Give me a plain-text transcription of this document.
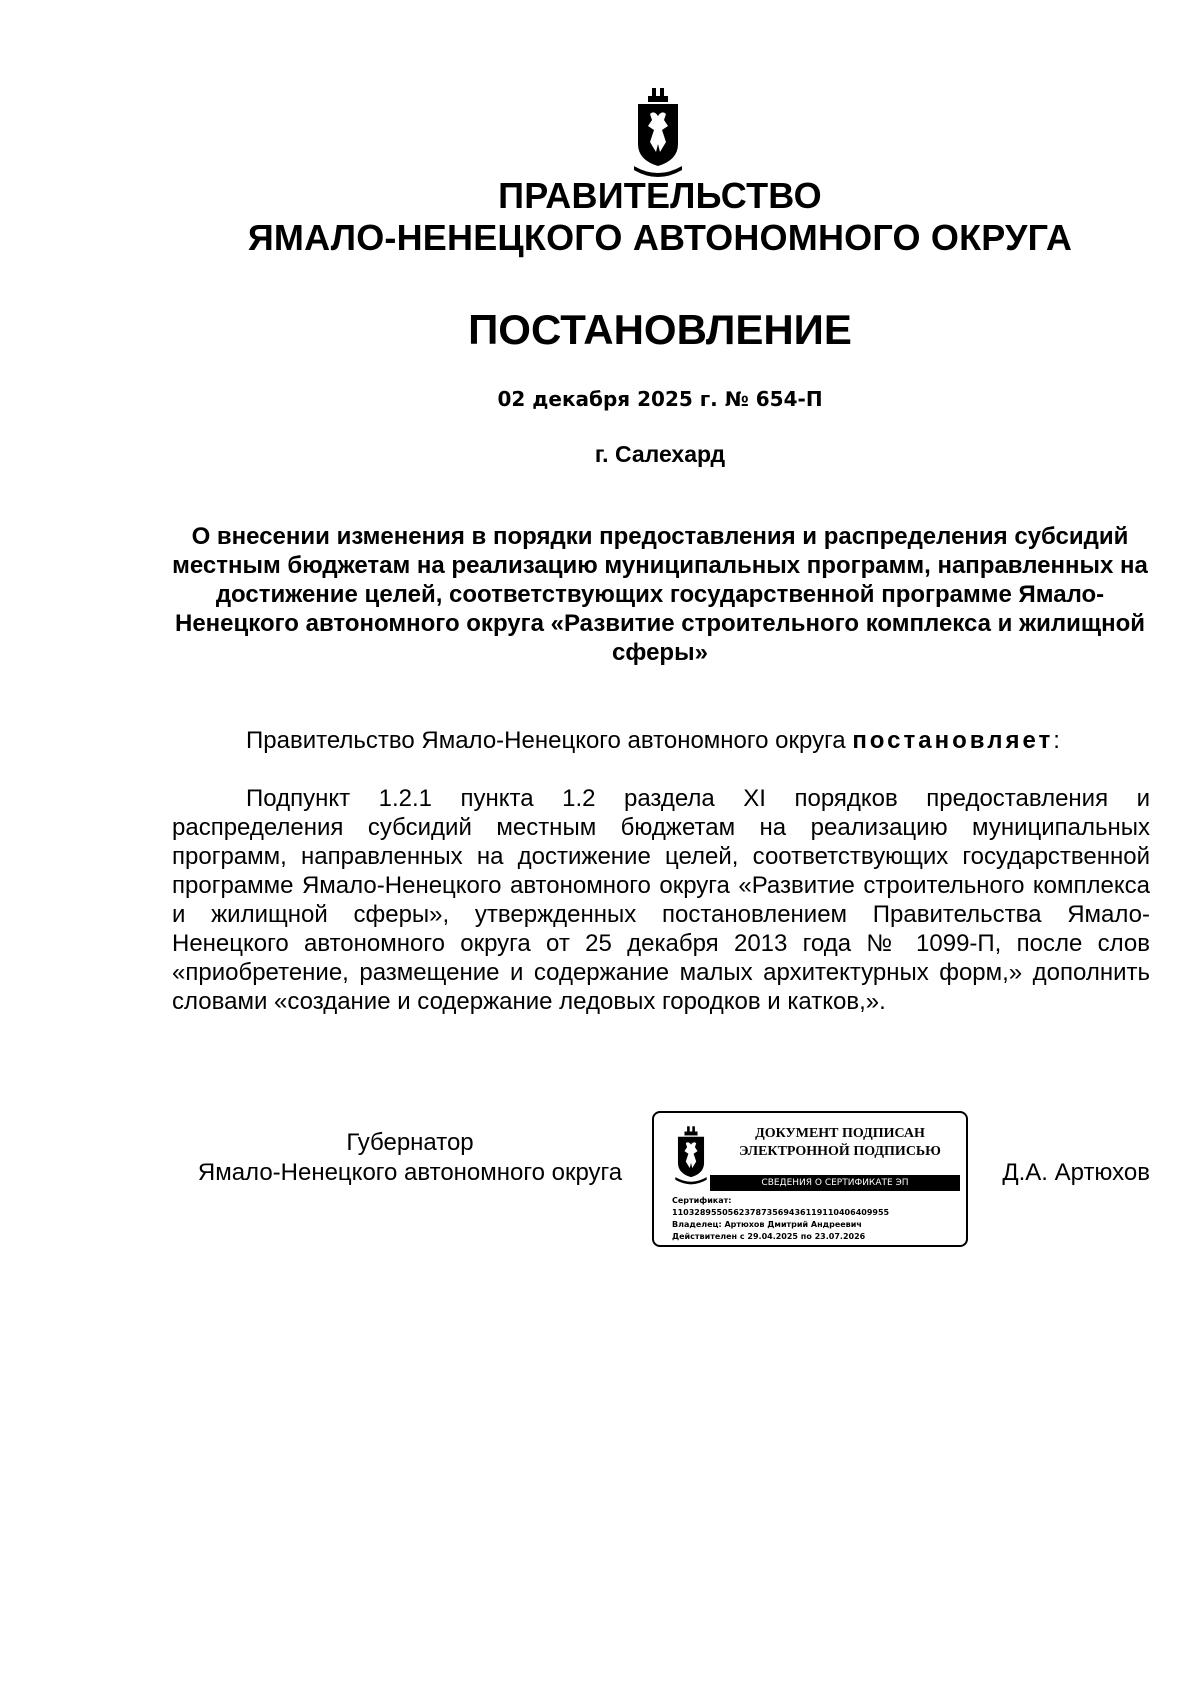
ПРАВИТЕЛЬСТВО
ЯМАЛО-НЕНЕЦКОГО АВТОНОМНОГО ОКРУГА
ПОСТАНОВЛЕНИЕ
02 декабря 2025 г. № 654-П
г. Салехард
О внесении изменения в порядки предоставления и распределения субсидий местным бюджетам на реализацию муниципальных программ, направленных на достижение целей, соответствующих государственной программе Ямало-Ненецкого автономного округа «Развитие строительного комплекса и жилищной сферы»
Правительство Ямало-Ненецкого автономного округа постановляет:
Подпункт 1.2.1 пункта 1.2 раздела XI порядков предоставления и распределения субсидий местным бюджетам на реализацию муниципальных программ, направленных на достижение целей, соответствующих государственной программе Ямало-Ненецкого автономного округа «Развитие строительного комплекса и жилищной сферы», утвержденных постановлением Правительства Ямало-Ненецкого автономного округа от 25 декабря 2013 года № 1099-П, после слов «приобретение, размещение и содержание малых архитектурных форм,» дополнить словами «создание и содержание ледовых городков и катков,».
Губернатор
Ямало-Ненецкого автономного округа
ДОКУМЕНТ ПОДПИСАН
ЭЛЕКТРОННОЙ ПОДПИСЬЮ
СВЕДЕНИЯ О СЕРТИФИКАТЕ ЭП
Сертификат:
110328955056237873569436119110406409955
Владелец: Артюхов Дмитрий Андреевич
Действителен с 29.04.2025 по 23.07.2026
Д.А. Артюхов
